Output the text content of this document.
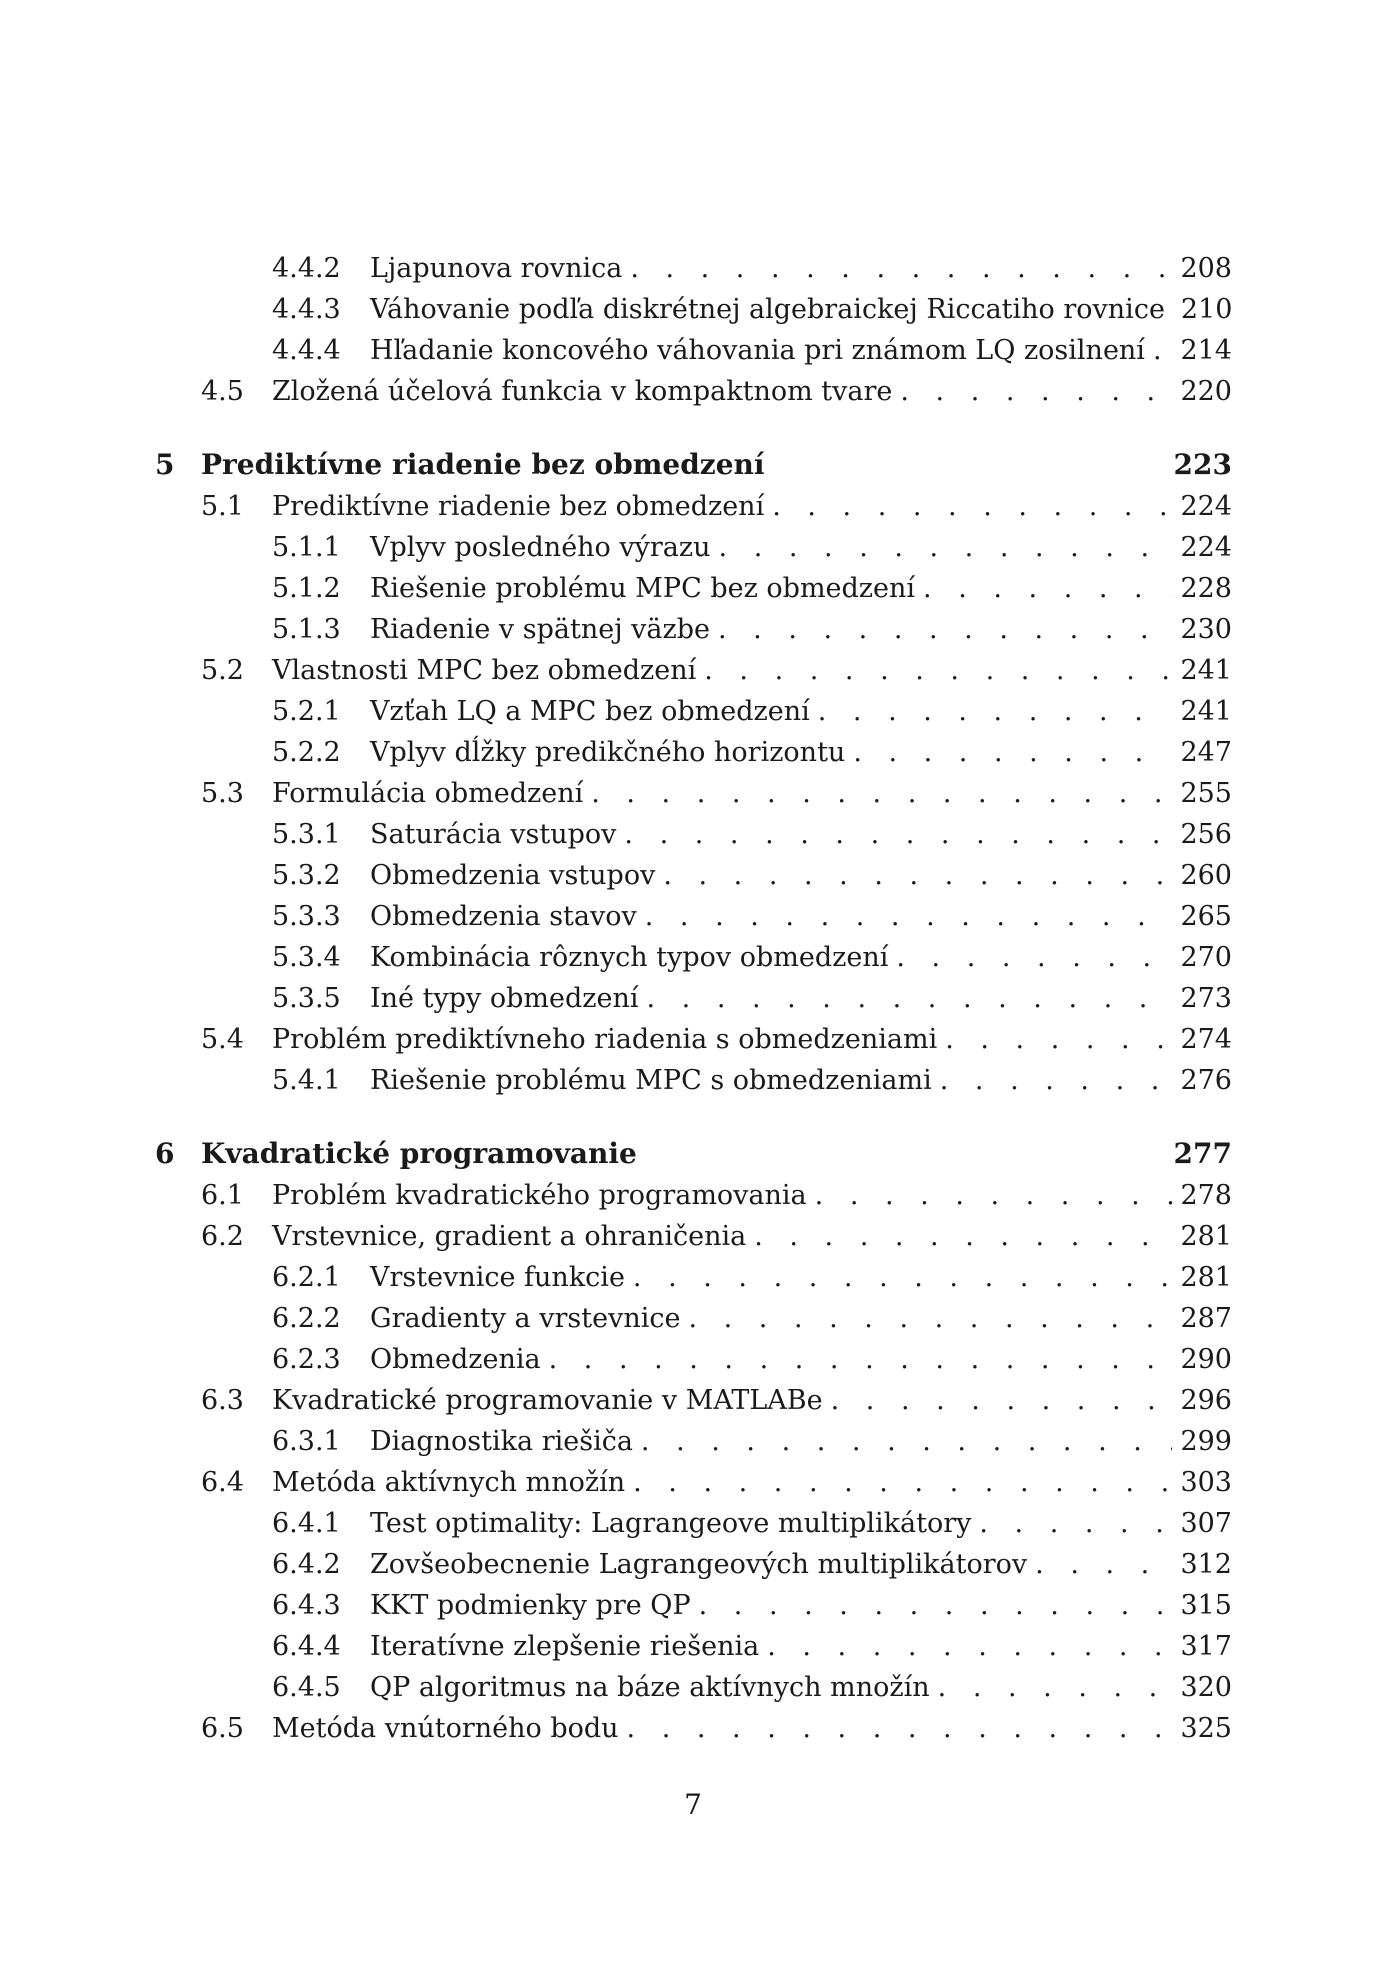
4.4.2 Ljapunova rovnica . . .	208
4.4.3 Váhovanie podľa diskrétnej algebraickej Riccatiho rovnice 210
4.4.4 Hľadanie koncového váhovania pri známom LQ zosilnení . . . 214
4.5 Zložená účelová funkcia v kompaktnom tvare . . .	220
5 Prediktívne riadenie bez obmedzení	223
5.1 Prediktívne riadenie bez obmedzení . . .	224
5.1.1 Vplyv posledného výrazu . . .	224
5.1.2 Riešenie problému MPC bez obmedzení . . .	228
5.1.3 Riadenie v spätnej väzbe . . .	230
5.2 Vlastnosti MPC bez obmedzení . . .	241
5.2.1 Vzťah LQ a MPC bez obmedzení . . .	241
5.2.2 Vplyv dĺžky predikčného horizontu . . .	247
5.3 Formulácia obmedzení . . .	255
5.3.1 Saturácia vstupov . . .	256
5.3.2 Obmedzenia vstupov . . .	260
5.3.3 Obmedzenia stavov . . .	265
5.3.4 Kombinácia rôznych typov obmedzení . . .	270
5.3.5 Iné typy obmedzení . . .	273
5.4 Problém prediktívneho riadenia s obmedzeniami . . .	274
5.4.1 Riešenie problému MPC s obmedzeniami . . .	276
6 Kvadratické programovanie	277
6.1 Problém kvadratického programovania . . .	278
6.2 Vrstevnice, gradient a ohraničenia . . .	281
6.2.1 Vrstevnice funkcie . . .	281
6.2.2 Gradienty a vrstevnice . . .	287
6.2.3 Obmedzenia . . .	290
6.3 Kvadratické programovanie v MATLABe . . .	296
6.3.1 Diagnostika riešiča . . .	299
6.4 Metóda aktívnych množín . . .	303
6.4.1 Test optimality: Lagrangeove multiplikátory . . .	307
6.4.2 Zovšeobecnenie Lagrangeových multiplikátorov . . .	312
6.4.3 KKT podmienky pre QP . . .	315
6.4.4 Iteratívne zlepšenie riešenia . . .	317
6.4.5 QP algoritmus na báze aktívnych množín . . .	320
6.5 Metóda vnútorného bodu . . .	325
7
